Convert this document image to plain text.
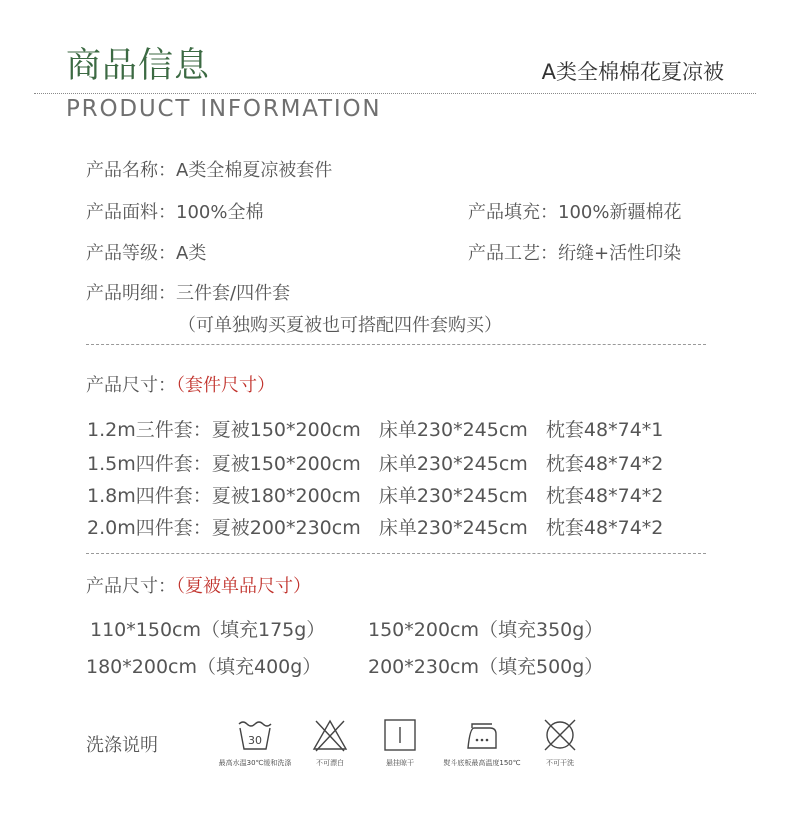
商品信息	A类全棉棉花夏凉被
PRODUCT INFORMATION
产品名称：A类全棉夏凉被套件
产品面料：100%全棉	产品填充：100%新疆棉花
产品等级：A类	产品工艺：绗缝+活性印染
产品明细：三件套/四件套
（可单独购买夏被也可搭配四件套购买）
产品尺寸：（套件尺寸）
1.2m三件套：夏被150*200cm   床单230*245cm   枕套48*74*1
1.5m四件套：夏被150*200cm   床单230*245cm   枕套48*74*2
1.8m四件套：夏被180*200cm   床单230*245cm   枕套48*74*2
2.0m四件套：夏被200*230cm   床单230*245cm   枕套48*74*2
产品尺寸：（夏被单品尺寸）
110*150cm（填充175g） 150*200cm（填充350g）
180*200cm（填充400g） 200*230cm（填充500g）
洗涤说明	30
最高水温30℃缓和洗涤	不可漂白	悬挂晾干	熨斗底板最高温度150℃	不可干洗
